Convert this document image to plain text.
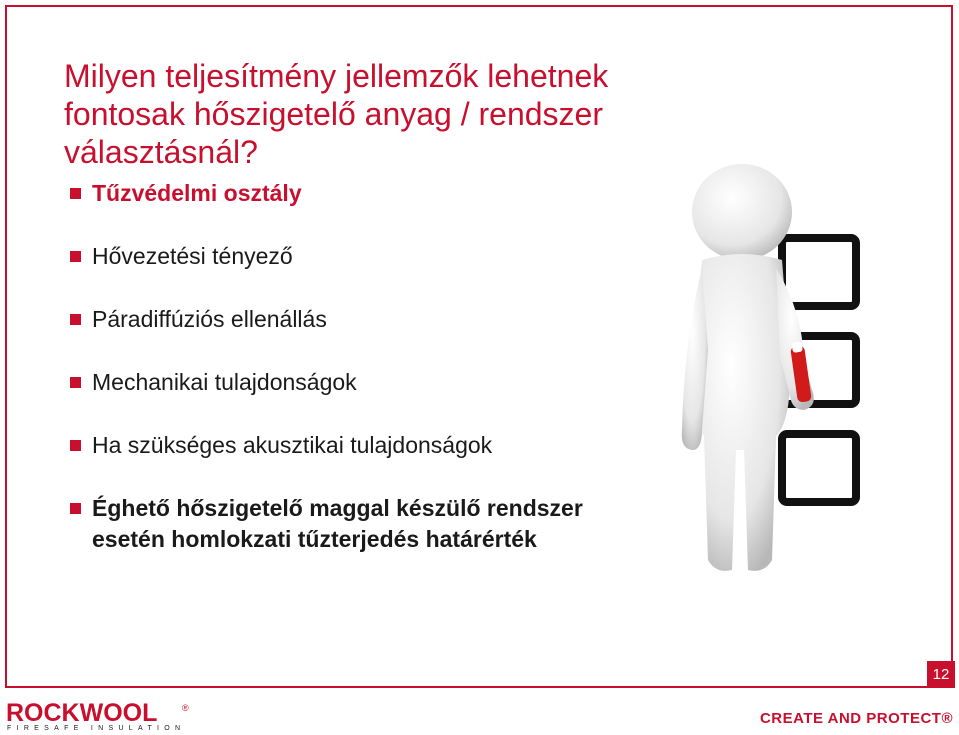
Milyen teljesítmény jellemzők lehetnek fontosak hőszigetelő anyag / rendszer választásnál?
Tűzvédelmi osztály
Hővezetési tényező
Páradiffúziós ellenállás
Mechanikai tulajdonságok
Ha szükséges akusztikai tulajdonságok
Éghető hőszigetelő maggal készülő rendszer esetén homlokzati tűzterjedés határérték
12
ROCKWOOL	®
FIRESAFE INSULATION
CREATE AND PROTECT®
